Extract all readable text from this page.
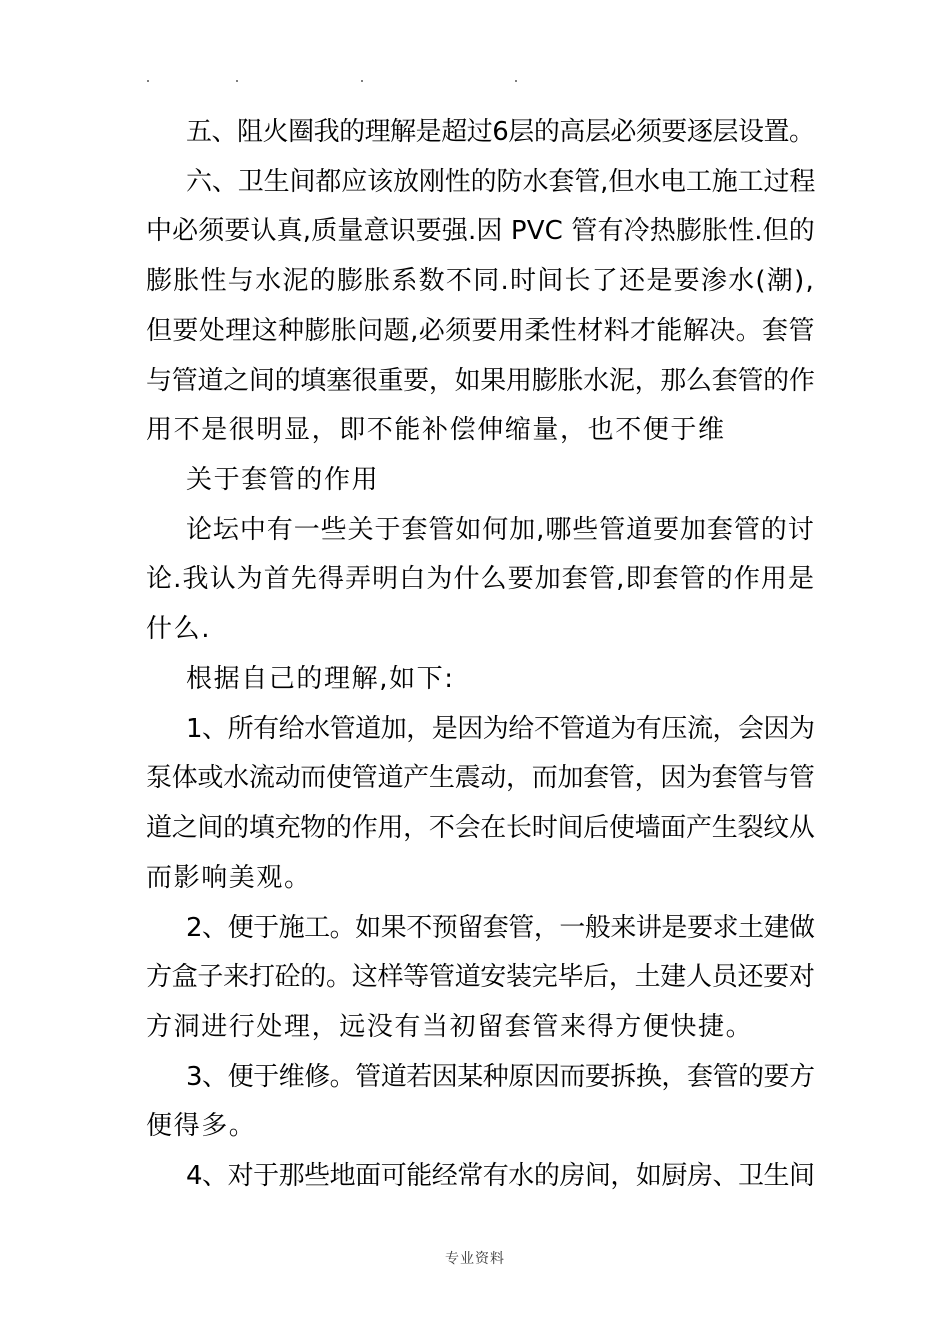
五、阻火圈我的理解是超过6层的高层必须要逐层设置。
六、卫生间都应该放刚性的防水套管,但水电工施工过程
中必须要认真,质量意识要强.因 PVC 管有冷热膨胀性.但的
膨胀性与水泥的膨胀系数不同.时间长了还是要渗水(潮),
但要处理这种膨胀问题,必须要用柔性材料才能解决。套管
与管道之间的填塞很重要，如果用膨胀水泥，那么套管的作
用不是很明显，即不能补偿伸缩量，也不便于维
关于套管的作用
论坛中有一些关于套管如何加,哪些管道要加套管的讨
论.我认为首先得弄明白为什么要加套管,即套管的作用是
什么.
根据自己的理解,如下:
1、所有给水管道加，是因为给不管道为有压流，会因为
泵体或水流动而使管道产生震动，而加套管，因为套管与管
道之间的填充物的作用，不会在长时间后使墙面产生裂纹从
而影响美观。
2、便于施工。如果不预留套管，一般来讲是要求土建做
方盒子来打砼的。这样等管道安装完毕后，土建人员还要对
方洞进行处理，远没有当初留套管来得方便快捷。
3、便于维修。管道若因某种原因而要拆换，套管的要方
便得多。
4、对于那些地面可能经常有水的房间，如厨房、卫生间
专业资料
